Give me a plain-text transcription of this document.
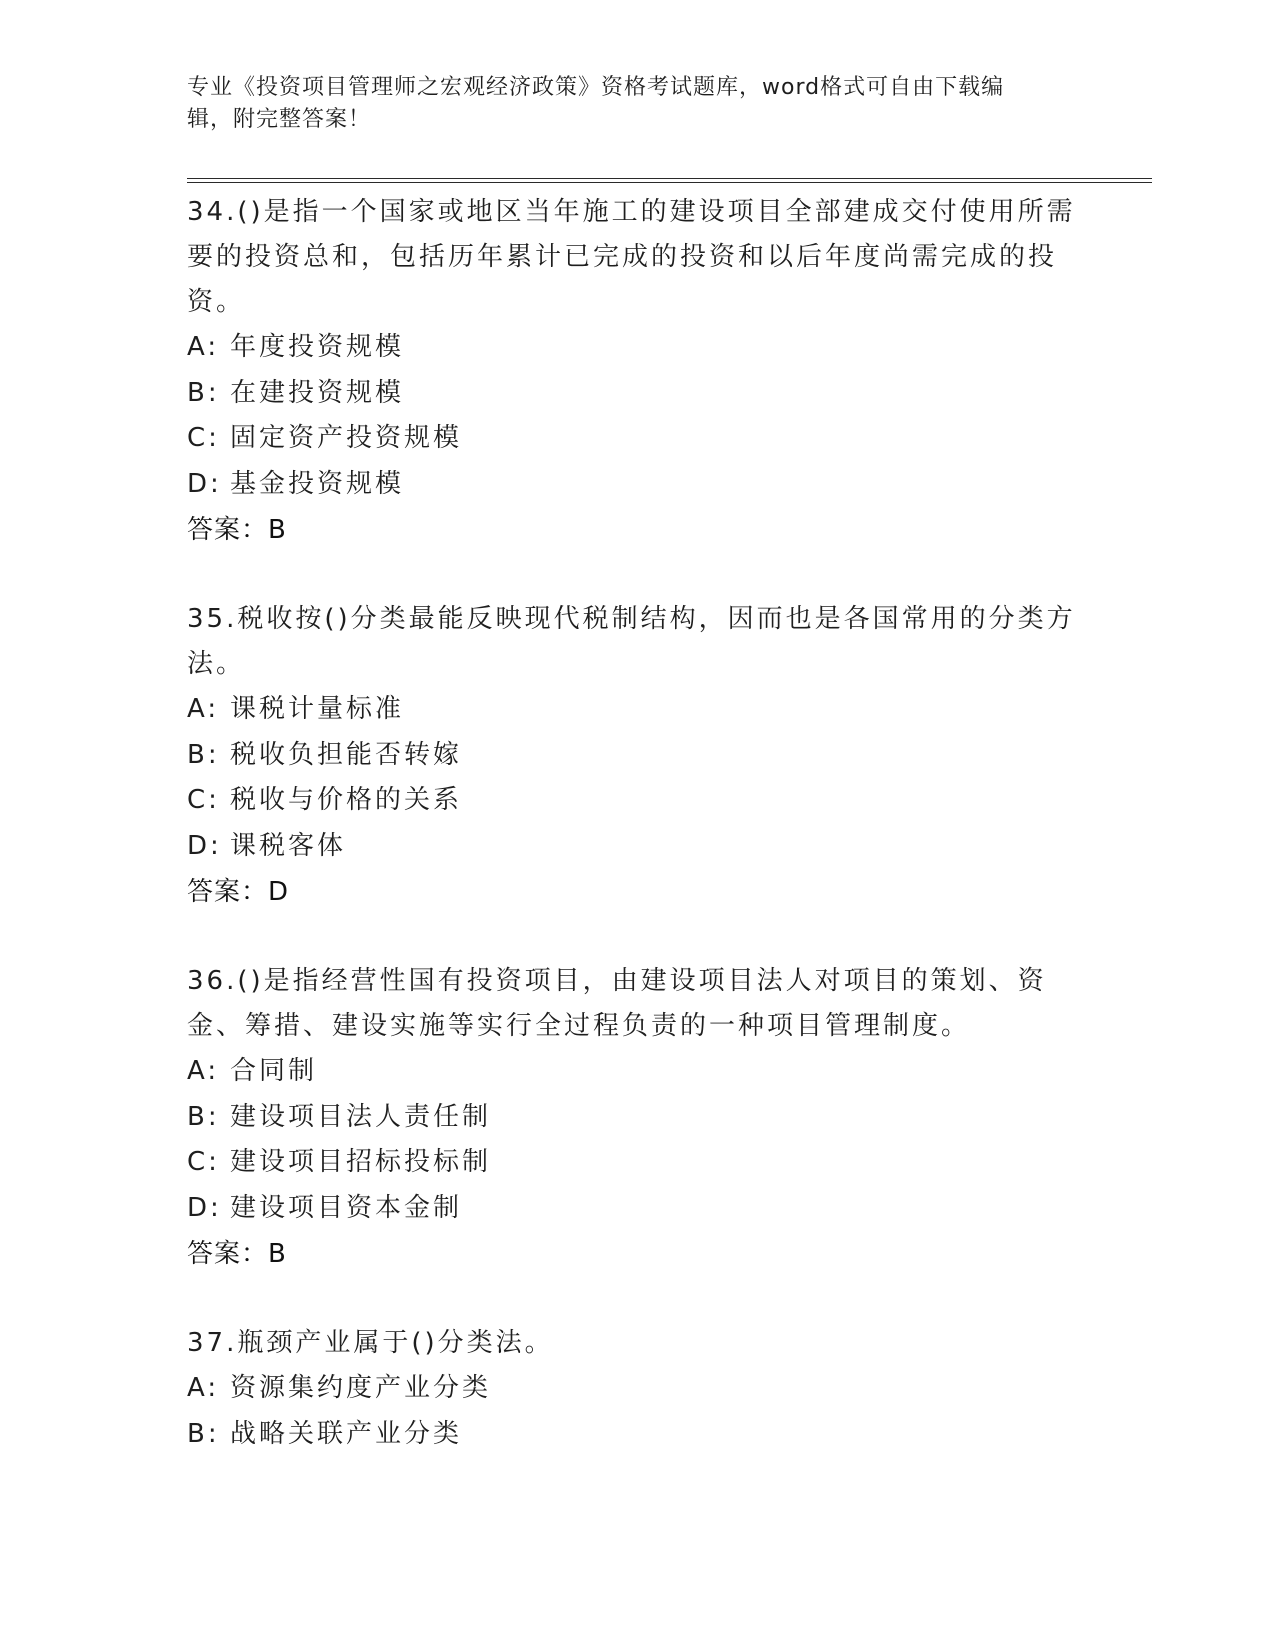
专业《投资项目管理师之宏观经济政策》资格考试题库，word格式可自由下载编
辑，附完整答案！

34.()是指一个国家或地区当年施工的建设项目全部建成交付使用所需要的投资总和，包括历年累计已完成的投资和以后年度尚需完成的投资。

A: 年度投资规模
B: 在建投资规模
C: 固定资产投资规模
D: 基金投资规模
答案：B

35.税收按()分类最能反映现代税制结构，因而也是各国常用的分类方法。

A: 课税计量标准
B: 税收负担能否转嫁
C: 税收与价格的关系
D: 课税客体
答案：D

36.()是指经营性国有投资项目，由建设项目法人对项目的策划、资金、筹措、建设实施等实行全过程负责的一种项目管理制度。

A: 合同制
B: 建设项目法人责任制
C: 建设项目招标投标制
D: 建设项目资本金制
答案：B

37.瓶颈产业属于()分类法。

A: 资源集约度产业分类
B: 战略关联产业分类
